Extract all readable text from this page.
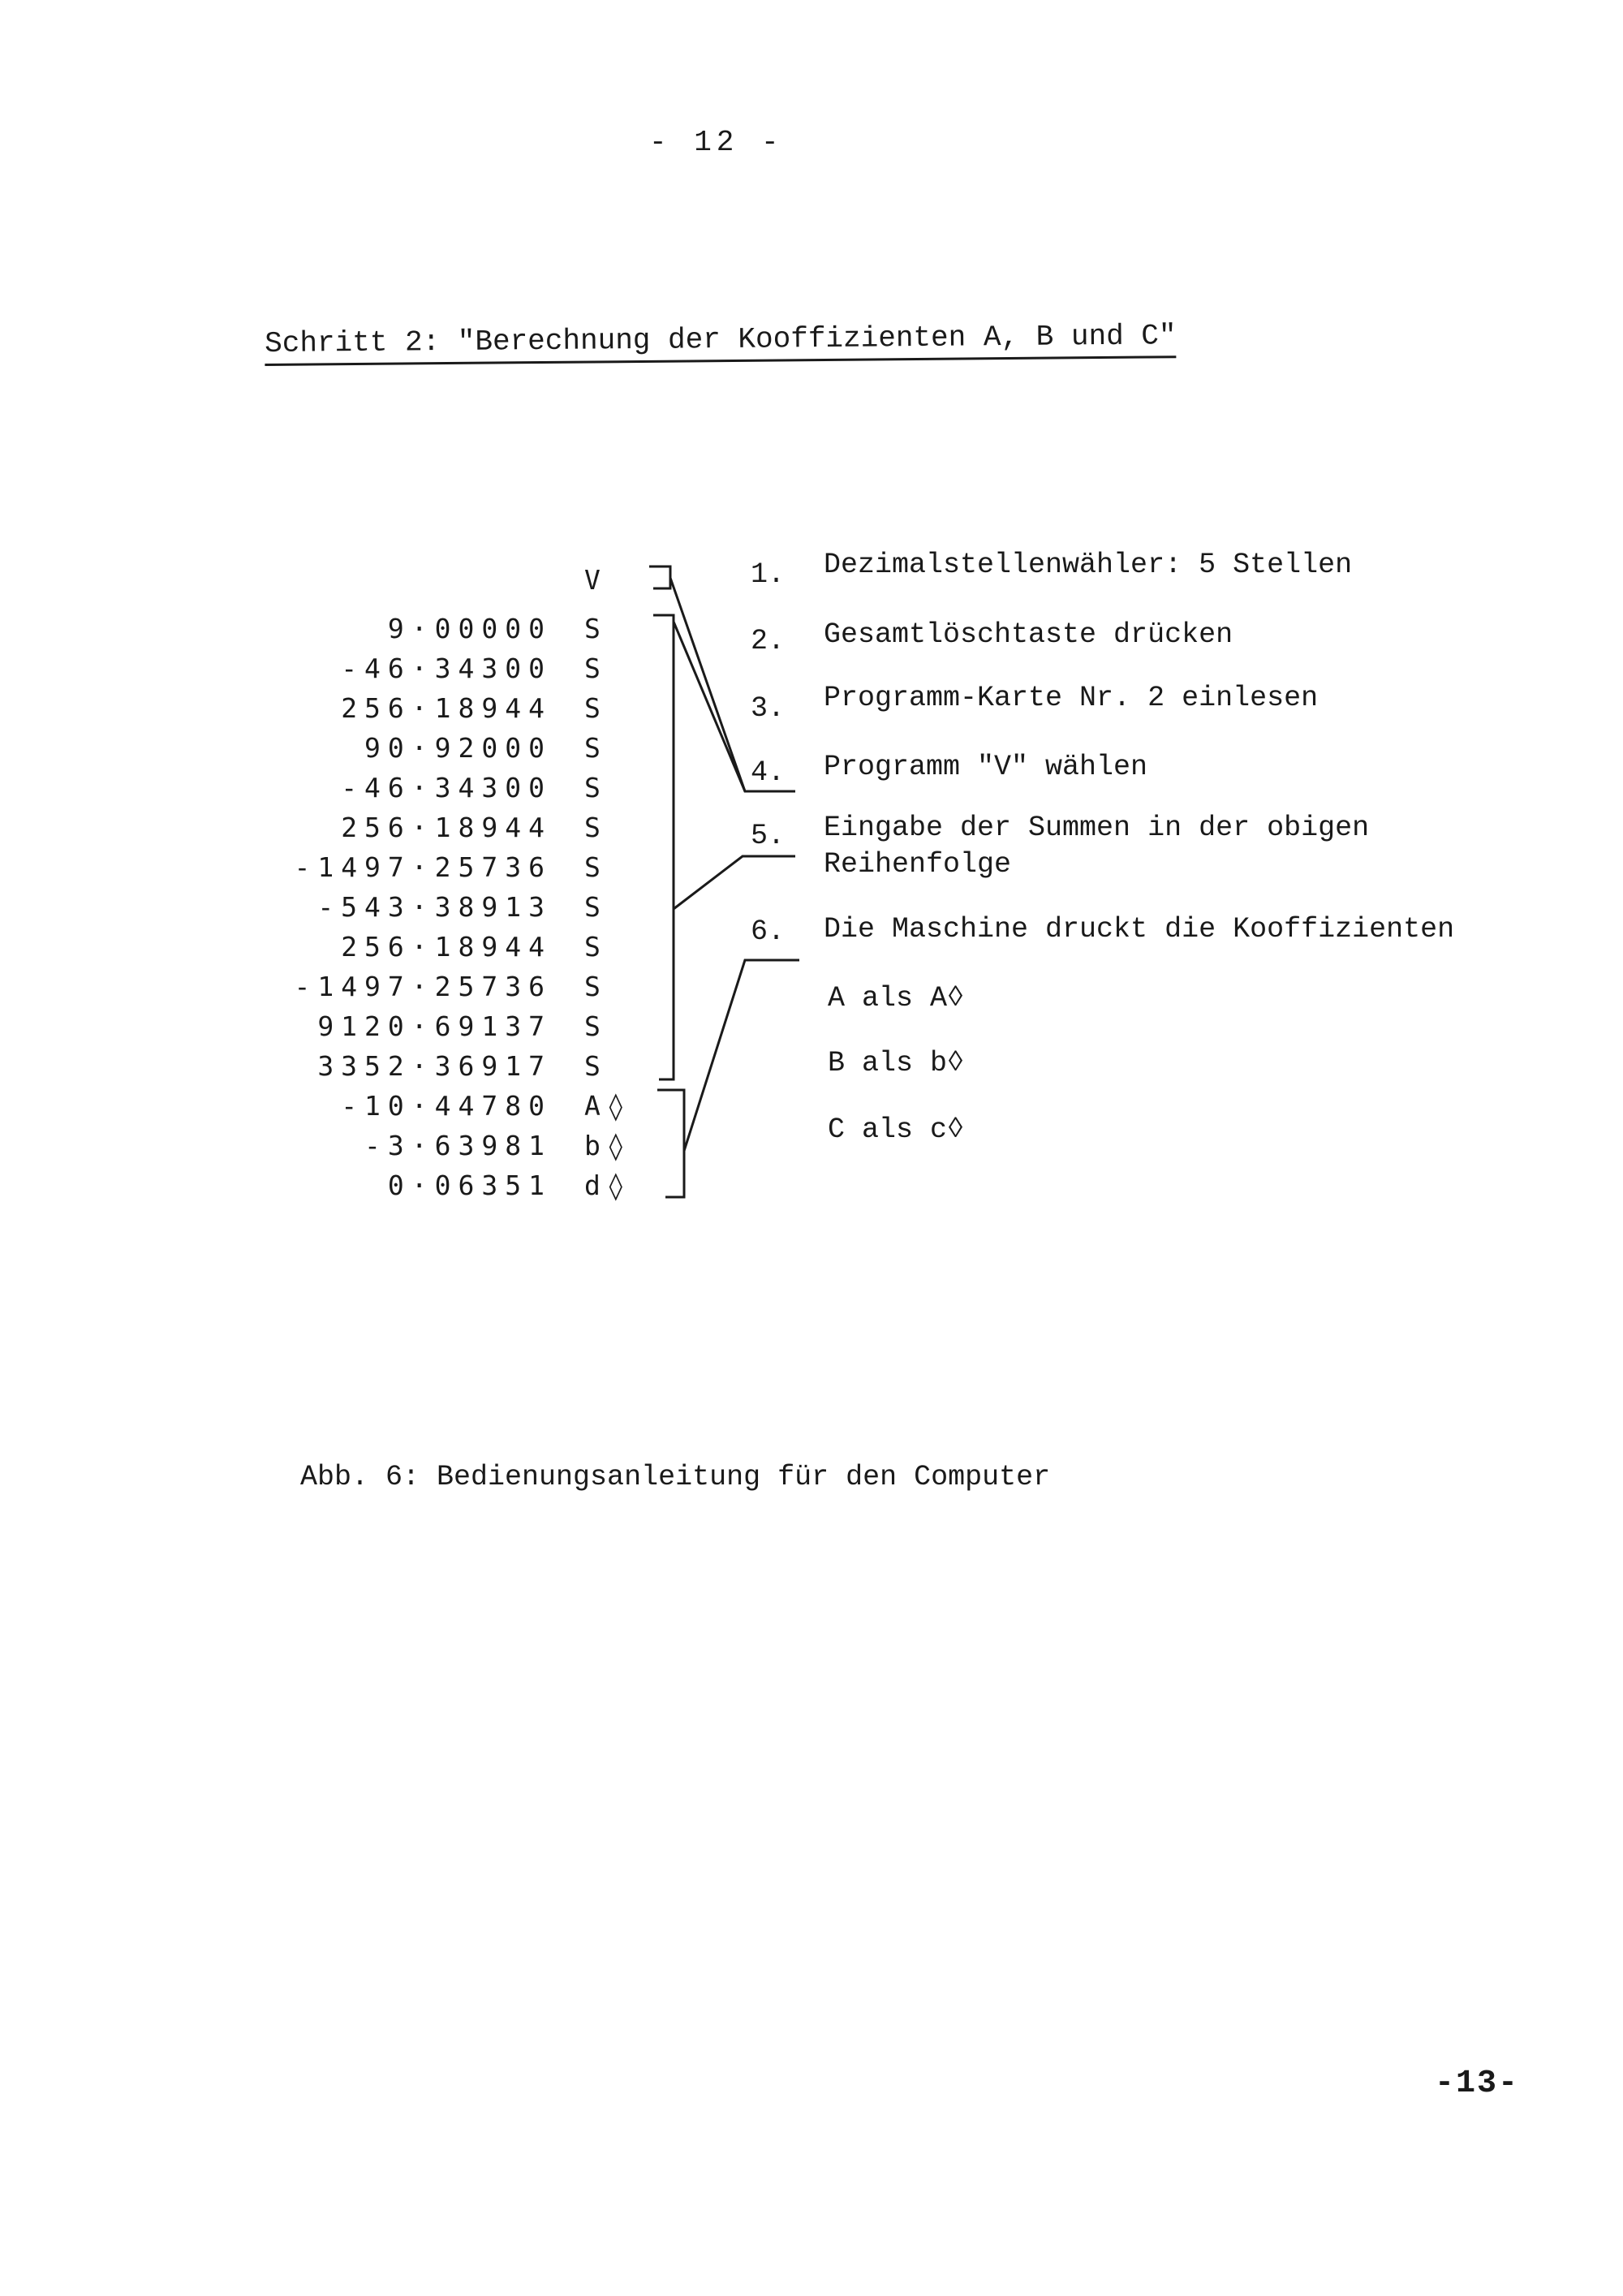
- 12 -
Schritt 2: "Berechnung der Kooffizienten A, B und C"
V
9·00000 S
-46·34300 S
256·18944 S
90·92000 S
-46·34300 S
256·18944 S
-1497·25736 S
-543·38913 S
256·18944 S
-1497·25736 S
9120·69137 S
3352·36917 S
-10·44780 A◊
-3·63981 b◊
0·06351 d◊
1. Dezimalstellenwähler: 5 Stellen
2. Gesamtlöschtaste drücken
3. Programm-Karte Nr. 2 einlesen
4. Programm "V" wählen
5. Eingabe der Summen in der obigen
Reihenfolge
6. Die Maschine druckt die Kooffizienten
A als A◊
B als b◊
C als c◊
Abb. 6: Bedienungsanleitung für den Computer
-13-
